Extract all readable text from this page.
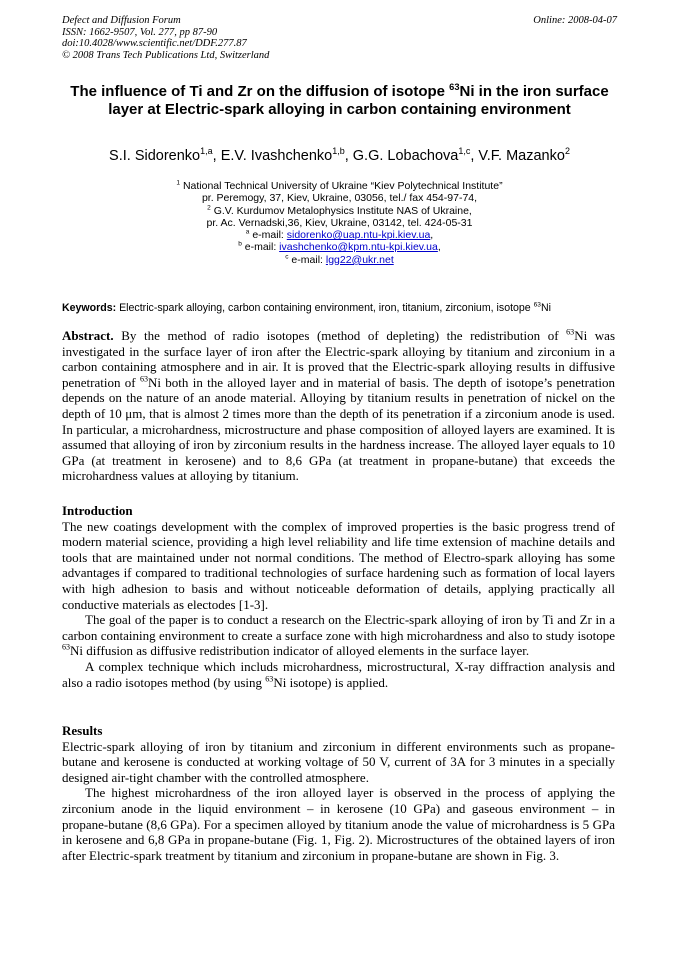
Defect and Diffusion Forum
ISSN: 1662-9507, Vol. 277, pp 87-90
doi:10.4028/www.scientific.net/DDF.277.87
© 2008 Trans Tech Publications Ltd, Switzerland
Online: 2008-04-07
The influence of Ti and Zr on the diffusion of isotope $^{63}$Ni in the iron surface layer at Electric-spark alloying in carbon containing environment
S.I. Sidorenko$^{1,a}$, E.V. Ivashchenko$^{1,b}$, G.G. Lobachova$^{1,c}$, V.F. Mazanko$^2$
$^1$ National Technical University of Ukraine “Kiev Polytechnical Institute”
pr. Peremogy, 37, Kiev, Ukraine, 03056, tel./ fax 454-97-74,
$^2$ G.V. Kurdumov Metalophysics Institute NAS of Ukraine,
pr. Ac. Vernadski,36, Kiev, Ukraine, 03142, tel. 424-05-31
$^a$ e-mail: sidorenko@uap.ntu-kpi.kiev.ua,
$^b$ e-mail: ivashchenko@kpm.ntu-kpi.kiev.ua,
$^c$ e-mail: lgg22@ukr.net
Keywords: Electric-spark alloying, carbon containing environment, iron, titanium, zirconium, isotope $^{63}$Ni

Abstract. By the method of radio isotopes (method of depleting) the redistribution of $^{63}$Ni was investigated in the surface layer of iron after the Electric-spark alloying by titanium and zirconium in a carbon containing atmosphere and in air. It is proved that the Electric-spark alloying results in diffusive penetration of $^{63}$Ni both in the alloyed layer and in material of basis. The depth of isotope’s penetration depends on the nature of an anode material. Alloying by titanium results in penetration of nickel on the depth of 10 μm, that is almost 2 times more than the depth of its penetration if a zirconium anode is used. In particular, a microhardness, microstructure and phase composition of alloyed layers are examined. It is assumed that alloying of iron by zirconium results in the hardness increase. The alloyed layer equals to 10 GPa (at treatment in kerosene) and to 8,6 GPa (at treatment in propane-butane) that exceeds the microhardness values at alloying by titanium.

Introduction

The new coatings development with the complex of improved properties is the basic progress trend of modern material science, providing a high level reliability and life time extension of machine details and tools that are maintained under not normal conditions. The method of Electro-spark alloying has some advantages if compared to traditional technologies of surface hardening such as formation of local layers with high adhesion to basis and without noticeable deformation of details, applying practically all conductive materials as electodes [1-3].

The goal of the paper is to conduct a research on the Electric-spark alloying of iron by Ti and Zr in a carbon containing environment to create a surface zone with high microhardness and also to study isotope $^{63}$Ni diffusion as diffusive redistribution indicator of alloyed elements in the surface layer.

A complex technique which includs microhardness, microstructural, X-ray diffraction analysis and also a radio isotopes method (by using $^{63}$Ni isotope) is applied.

Results

Electric-spark alloying of iron by titanium and zirconium in different environments such as propane-butane and kerosene is conducted at working voltage of 50 V, current of 3A for 3 minutes in a specially designed air-tight chamber with the controlled atmosphere.

The highest microhardness of the iron alloyed layer is observed in the process of applying the zirconium anode in the liquid environment – in kerosene (10 GPa) and gaseous environment – in propane-butane (8,6 GPa). For a specimen alloyed by titanium anode the value of microhardness is 5 GPa in kerosene and 6,8 GPa in propane-butane (Fig. 1, Fig. 2). Microstructures of the obtained layers of iron after Electric-spark treatment by titanium and zirconium in propane-butane are shown in Fig. 3.
